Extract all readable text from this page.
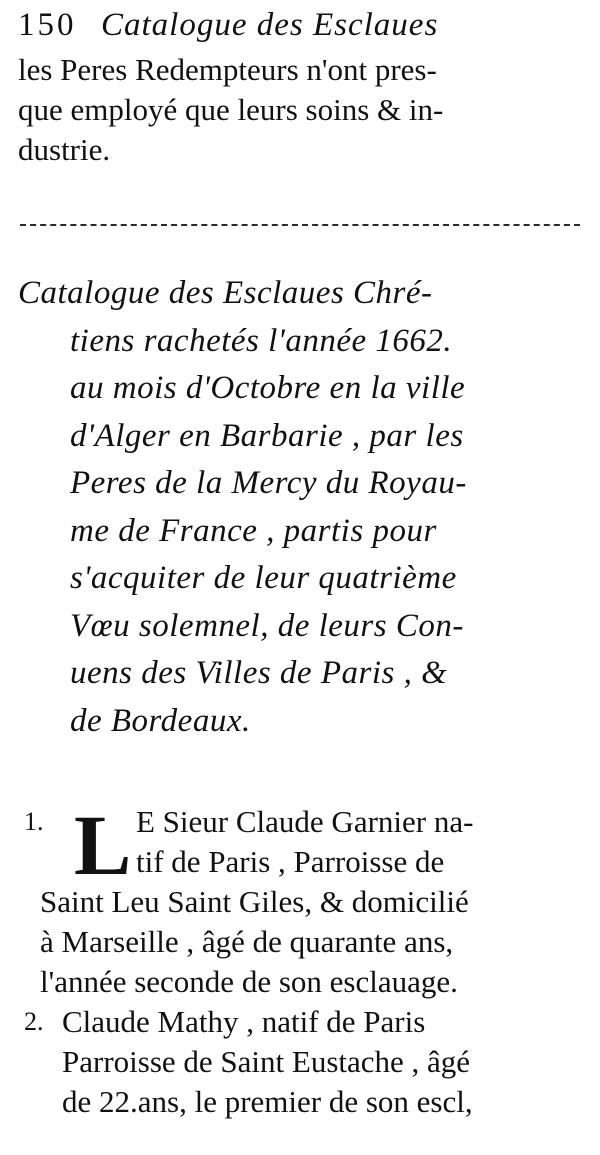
150 Catalogue des Esclaues
les Peres Redempteurs n'ont pres-
que employé que leurs soins & in-
dustrie.
Catalogue des Esclaues Chré-
tiens rachetés l'année 1662.
au mois d'Octobre en la ville
d'Alger en Barbarie , par les
Peres de la Mercy du Royau-
me de France , partis pour
s'acquiter de leur quatrième
Vœu solemnel, de leurs Con-
uens des Villes de Paris , &
de Bordeaux.
1. L E Sieur Claude Garnier na-
tif de Paris , Parroisse de
Saint Leu Saint Giles, & domicilié
à Marseille , âgé de quarante ans,
l'année seconde de son esclauage.
2. Claude Mathy , natif de Paris
Parroisse de Saint Eustache , âgé
de 22.ans, le premier de son escl,
